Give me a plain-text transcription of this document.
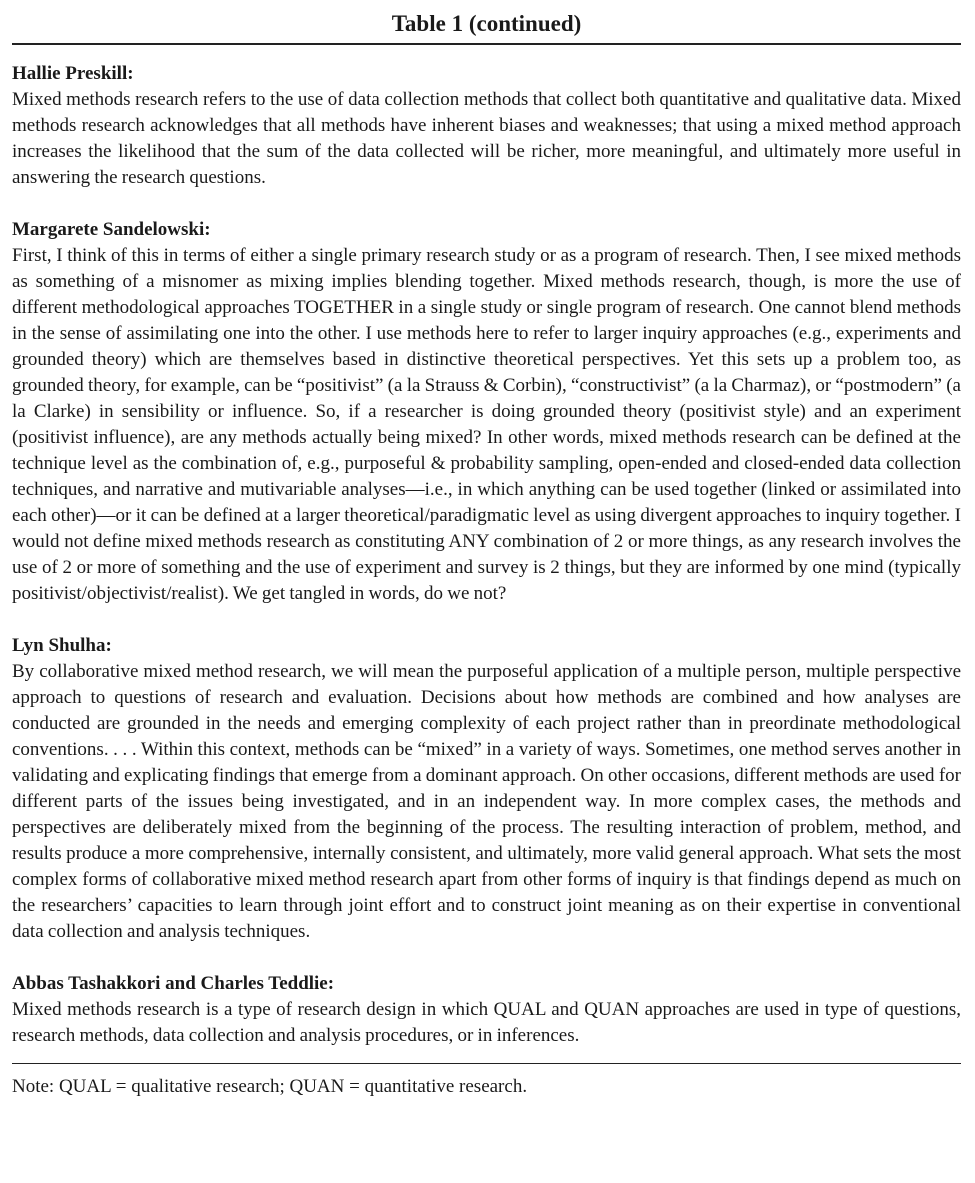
Table 1 (continued)
Hallie Preskill:
Mixed methods research refers to the use of data collection methods that collect both quantitative and qualitative data. Mixed methods research acknowledges that all methods have inherent biases and weaknesses; that using a mixed method approach increases the likelihood that the sum of the data collected will be richer, more meaningful, and ultimately more useful in answering the research questions.
Margarete Sandelowski:
First, I think of this in terms of either a single primary research study or as a program of research. Then, I see mixed methods as something of a misnomer as mixing implies blending together. Mixed methods research, though, is more the use of different methodological approaches TOGETHER in a single study or single program of research. One cannot blend methods in the sense of assimilating one into the other. I use methods here to refer to larger inquiry approaches (e.g., experiments and grounded theory) which are themselves based in distinctive theoretical perspectives. Yet this sets up a problem too, as grounded theory, for example, can be “positivist” (a la Strauss & Corbin), “constructivist” (a la Charmaz), or “postmodern” (a la Clarke) in sensibility or influence. So, if a researcher is doing grounded theory (positivist style) and an experiment (positivist influence), are any methods actually being mixed? In other words, mixed methods research can be defined at the technique level as the combination of, e.g., purposeful & probability sampling, open-ended and closed-ended data collection techniques, and narrative and mutivariable analyses—i.e., in which anything can be used together (linked or assimilated into each other)—or it can be defined at a larger theoretical/paradigmatic level as using divergent approaches to inquiry together. I would not define mixed methods research as constituting ANY combination of 2 or more things, as any research involves the use of 2 or more of something and the use of experiment and survey is 2 things, but they are informed by one mind (typically positivist/objectivist/realist). We get tangled in words, do we not?
Lyn Shulha:
By collaborative mixed method research, we will mean the purposeful application of a multiple person, multiple perspective approach to questions of research and evaluation. Decisions about how methods are combined and how analyses are conducted are grounded in the needs and emerging complexity of each project rather than in preordinate methodological conventions. . . . Within this context, methods can be “mixed” in a variety of ways. Sometimes, one method serves another in validating and explicating findings that emerge from a dominant approach. On other occasions, different methods are used for different parts of the issues being investigated, and in an independent way. In more complex cases, the methods and perspectives are deliberately mixed from the beginning of the process. The resulting interaction of problem, method, and results produce a more comprehensive, internally consistent, and ultimately, more valid general approach. What sets the most complex forms of collaborative mixed method research apart from other forms of inquiry is that findings depend as much on the researchers’ capacities to learn through joint effort and to construct joint meaning as on their expertise in conventional data collection and analysis techniques.
Abbas Tashakkori and Charles Teddlie:
Mixed methods research is a type of research design in which QUAL and QUAN approaches are used in type of questions, research methods, data collection and analysis procedures, or in inferences.
Note: QUAL = qualitative research; QUAN = quantitative research.
